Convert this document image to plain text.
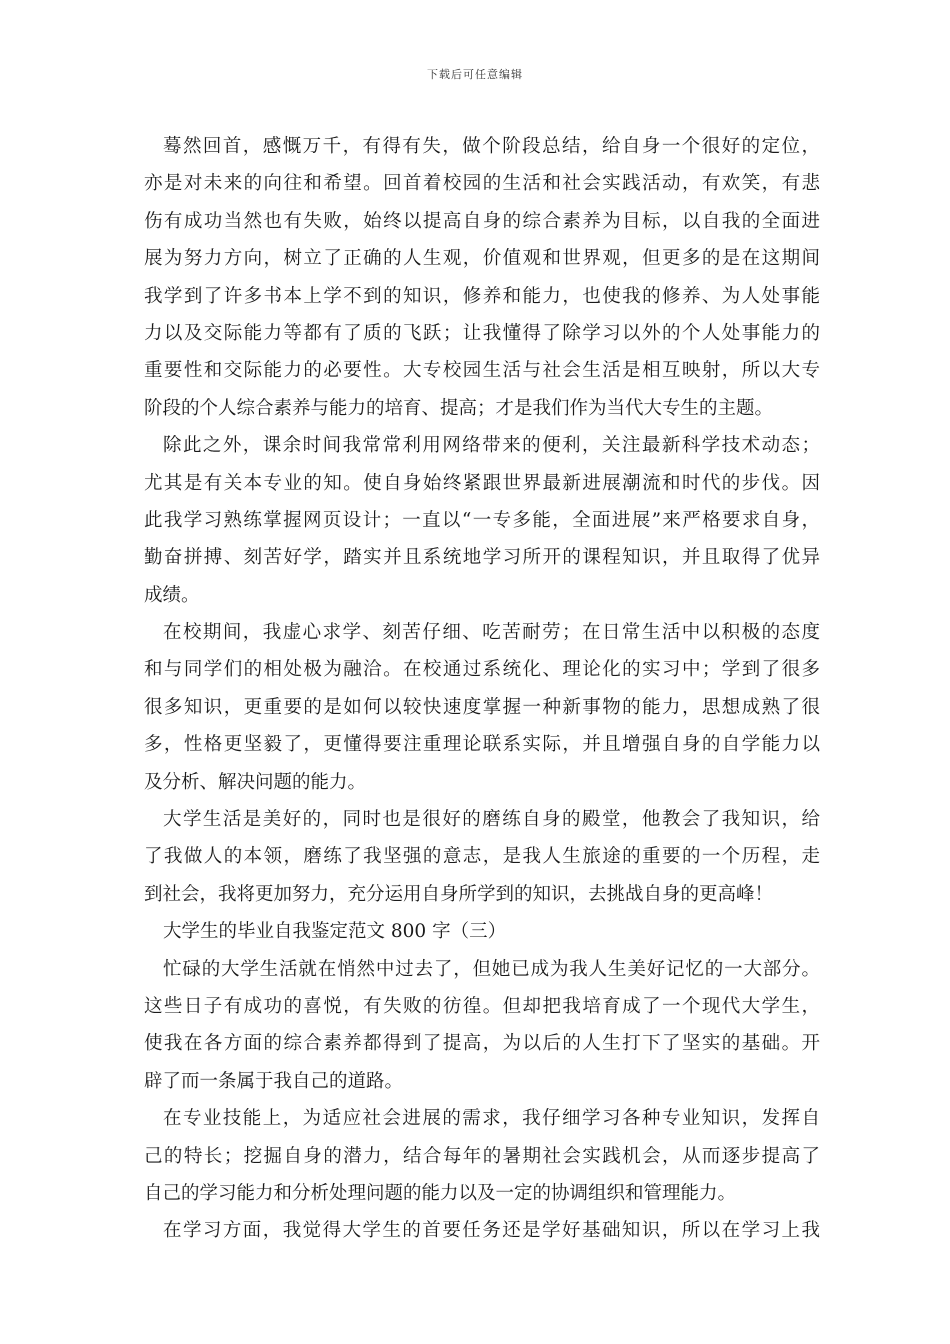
下载后可任意编辑
蓦然回首，感慨万千，有得有失，做个阶段总结，给自身一个很好的定位，
亦是对未来的向往和希望。回首着校园的生活和社会实践活动，有欢笑，有悲
伤有成功当然也有失败，始终以提高自身的综合素养为目标，以自我的全面进
展为努力方向，树立了正确的人生观，价值观和世界观，但更多的是在这期间
我学到了许多书本上学不到的知识，修养和能力，也使我的修养、为人处事能
力以及交际能力等都有了质的飞跃；让我懂得了除学习以外的个人处事能力的
重要性和交际能力的必要性。大专校园生活与社会生活是相互映射，所以大专
阶段的个人综合素养与能力的培育、提高；才是我们作为当代大专生的主题。
除此之外，课余时间我常常利用网络带来的便利，关注最新科学技术动态；
尤其是有关本专业的知。使自身始终紧跟世界最新进展潮流和时代的步伐。因
此我学习熟练掌握网页设计；一直以“一专多能，全面进展”来严格要求自身，
勤奋拼搏、刻苦好学，踏实并且系统地学习所开的课程知识，并且取得了优异
成绩。
在校期间，我虚心求学、刻苦仔细、吃苦耐劳；在日常生活中以积极的态度
和与同学们的相处极为融洽。在校通过系统化、理论化的实习中；学到了很多
很多知识，更重要的是如何以较快速度掌握一种新事物的能力，思想成熟了很
多，性格更坚毅了，更懂得要注重理论联系实际，并且增强自身的自学能力以
及分析、解决问题的能力。
大学生活是美好的，同时也是很好的磨练自身的殿堂，他教会了我知识，给
了我做人的本领，磨练了我坚强的意志，是我人生旅途的重要的一个历程，走
到社会，我将更加努力，充分运用自身所学到的知识，去挑战自身的更高峰！
大学生的毕业自我鉴定范文 800 字（三）
忙碌的大学生活就在悄然中过去了，但她已成为我人生美好记忆的一大部分。
这些日子有成功的喜悦，有失败的彷徨。但却把我培育成了一个现代大学生，
使我在各方面的综合素养都得到了提高，为以后的人生打下了坚实的基础。开
辟了而一条属于我自己的道路。
在专业技能上，为适应社会进展的需求，我仔细学习各种专业知识，发挥自
己的特长；挖掘自身的潜力，结合每年的暑期社会实践机会，从而逐步提高了
自己的学习能力和分析处理问题的能力以及一定的协调组织和管理能力。
在学习方面，我觉得大学生的首要任务还是学好基础知识，所以在学习上我
